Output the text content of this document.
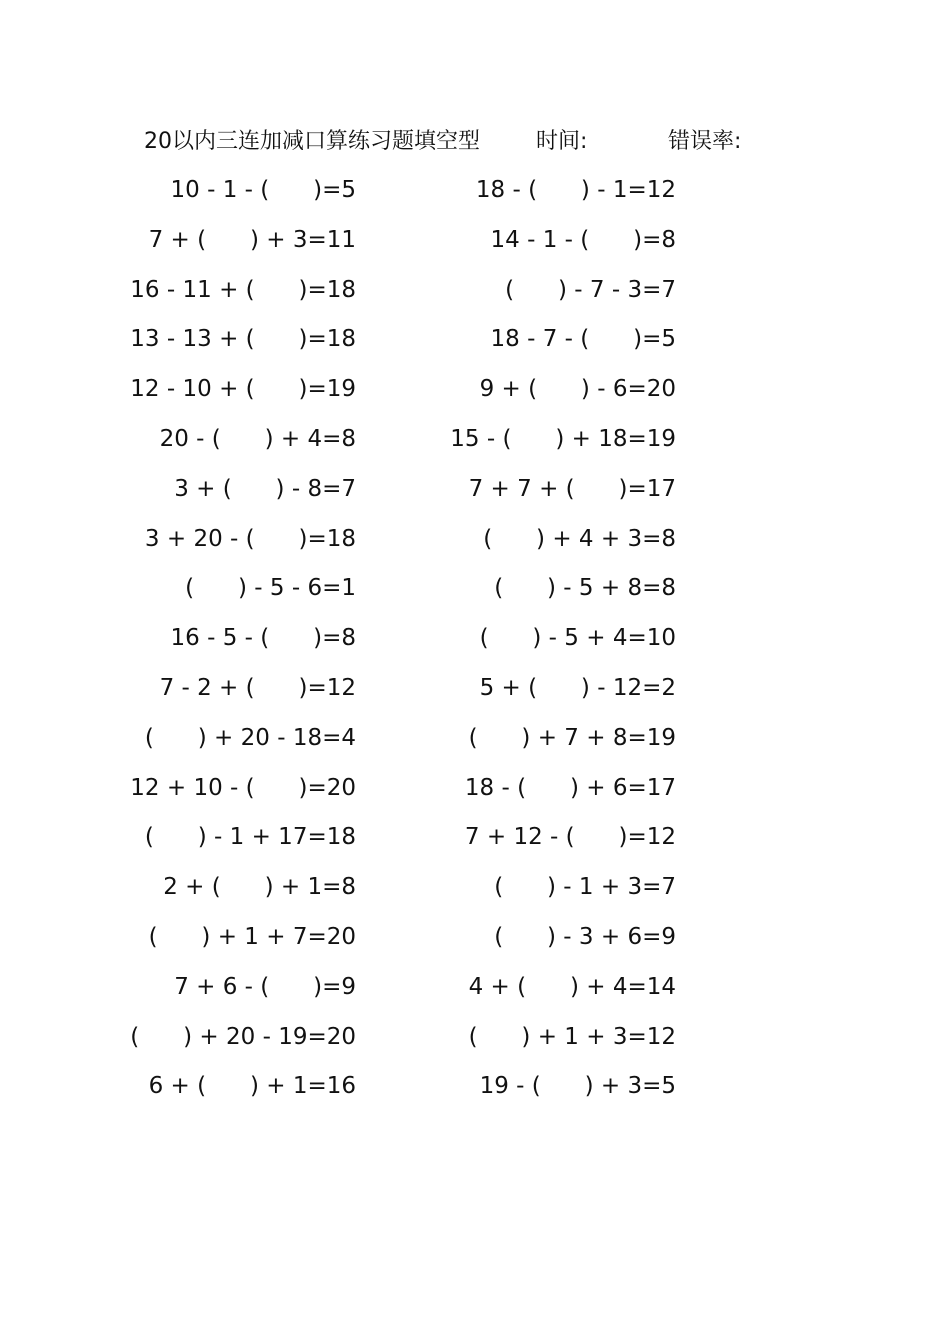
20以内三连加减口算练习题填空型	时间:	错误率:
10 - 1 - (      )=5	18 - (      ) - 1=12
7 + (      ) + 3=11	14 - 1 - (      )=8
16 - 11 + (      )=18	(      ) - 7 - 3=7
13 - 13 + (      )=18	18 - 7 - (      )=5
12 - 10 + (      )=19	9 + (      ) - 6=20
20 - (      ) + 4=8	15 - (      ) + 18=19
3 + (      ) - 8=7	7 + 7 + (      )=17
3 + 20 - (      )=18	(      ) + 4 + 3=8
(      ) - 5 - 6=1	(      ) - 5 + 8=8
16 - 5 - (      )=8	(      ) - 5 + 4=10
7 - 2 + (      )=12	5 + (      ) - 12=2
(      ) + 20 - 18=4	(      ) + 7 + 8=19
12 + 10 - (      )=20	18 - (      ) + 6=17
(      ) - 1 + 17=18	7 + 12 - (      )=12
2 + (      ) + 1=8	(      ) - 1 + 3=7
(      ) + 1 + 7=20	(      ) - 3 + 6=9
7 + 6 - (      )=9	4 + (      ) + 4=14
(      ) + 20 - 19=20	(      ) + 1 + 3=12
6 + (      ) + 1=16	19 - (      ) + 3=5
